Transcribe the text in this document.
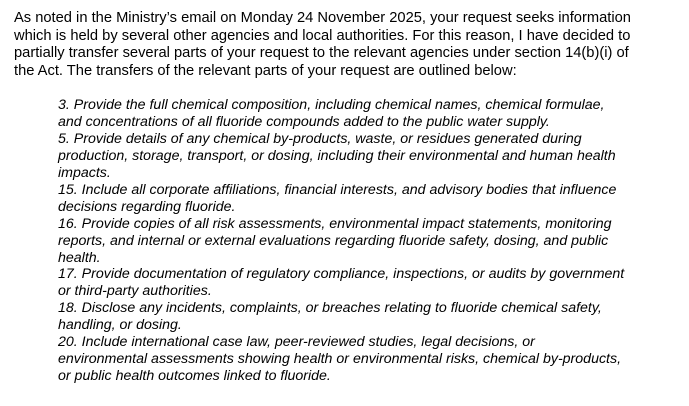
As noted in the Ministry’s email on Monday 24 November 2025, your request seeks information
which is held by several other agencies and local authorities. For this reason, I have decided to
partially transfer several parts of your request to the relevant agencies under section 14(b)(i) of
the Act. The transfers of the relevant parts of your request are outlined below:

3. Provide the full chemical composition, including chemical names, chemical formulae,
and concentrations of all fluoride compounds added to the public water supply.
5. Provide details of any chemical by-products, waste, or residues generated during
production, storage, transport, or dosing, including their environmental and human health
impacts.
15. Include all corporate affiliations, financial interests, and advisory bodies that influence
decisions regarding fluoride.
16. Provide copies of all risk assessments, environmental impact statements, monitoring
reports, and internal or external evaluations regarding fluoride safety, dosing, and public
health.
17. Provide documentation of regulatory compliance, inspections, or audits by government
or third-party authorities.
18. Disclose any incidents, complaints, or breaches relating to fluoride chemical safety,
handling, or dosing.
20. Include international case law, peer-reviewed studies, legal decisions, or
environmental assessments showing health or environmental risks, chemical by-products,
or public health outcomes linked to fluoride.
